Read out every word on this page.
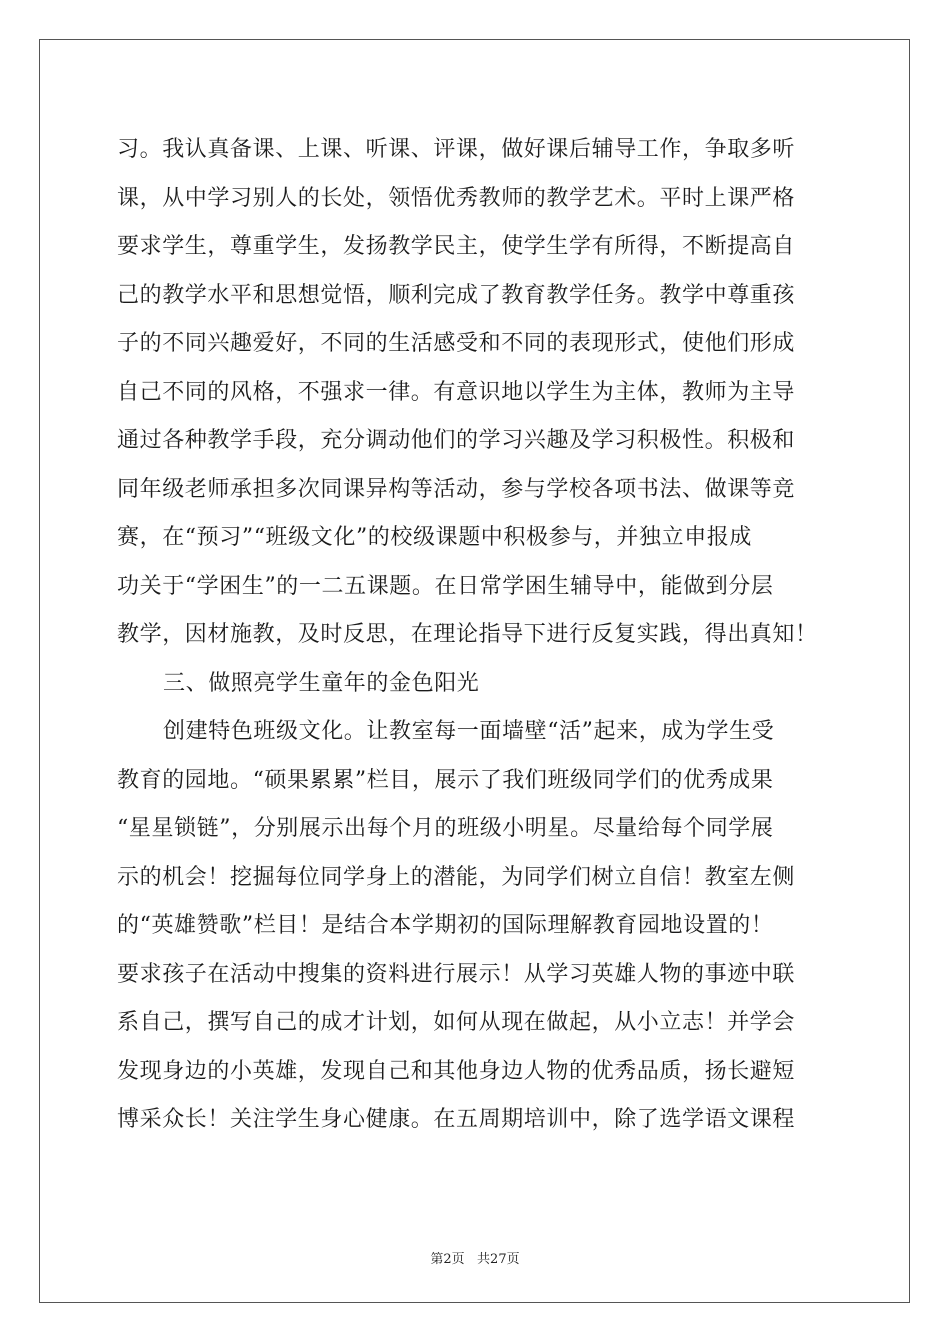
习。我认真备课、上课、听课、评课，做好课后辅导工作，争取多听
课，从中学习别人的长处，领悟优秀教师的教学艺术。平时上课严格
要求学生，尊重学生，发扬教学民主，使学生学有所得，不断提高自
己的教学水平和思想觉悟，顺利完成了教育教学任务。教学中尊重孩
子的不同兴趣爱好，不同的生活感受和不同的表现形式，使他们形成
自己不同的风格，不强求一律。有意识地以学生为主体，教师为主导
通过各种教学手段，充分调动他们的学习兴趣及学习积极性。积极和
同年级老师承担多次同课异构等活动，参与学校各项书法、做课等竞
赛，在“预习”“班级文化”的校级课题中积极参与，并独立申报成
功关于“学困生”的一二五课题。在日常学困生辅导中，能做到分层
教学，因材施教，及时反思，在理论指导下进行反复实践，得出真知！
三、做照亮学生童年的金色阳光
创建特色班级文化。让教室每一面墙壁“活”起来，成为学生受
教育的园地。“硕果累累”栏目，展示了我们班级同学们的优秀成果
“星星锁链”，分别展示出每个月的班级小明星。尽量给每个同学展
示的机会！挖掘每位同学身上的潜能，为同学们树立自信！教室左侧
的“英雄赞歌”栏目！是结合本学期初的国际理解教育园地设置的！
要求孩子在活动中搜集的资料进行展示！从学习英雄人物的事迹中联
系自己，撰写自己的成才计划，如何从现在做起，从小立志！并学会
发现身边的小英雄，发现自己和其他身边人物的优秀品质，扬长避短
博采众长！关注学生身心健康。在五周期培训中，除了选学语文课程
第2页   共27页
